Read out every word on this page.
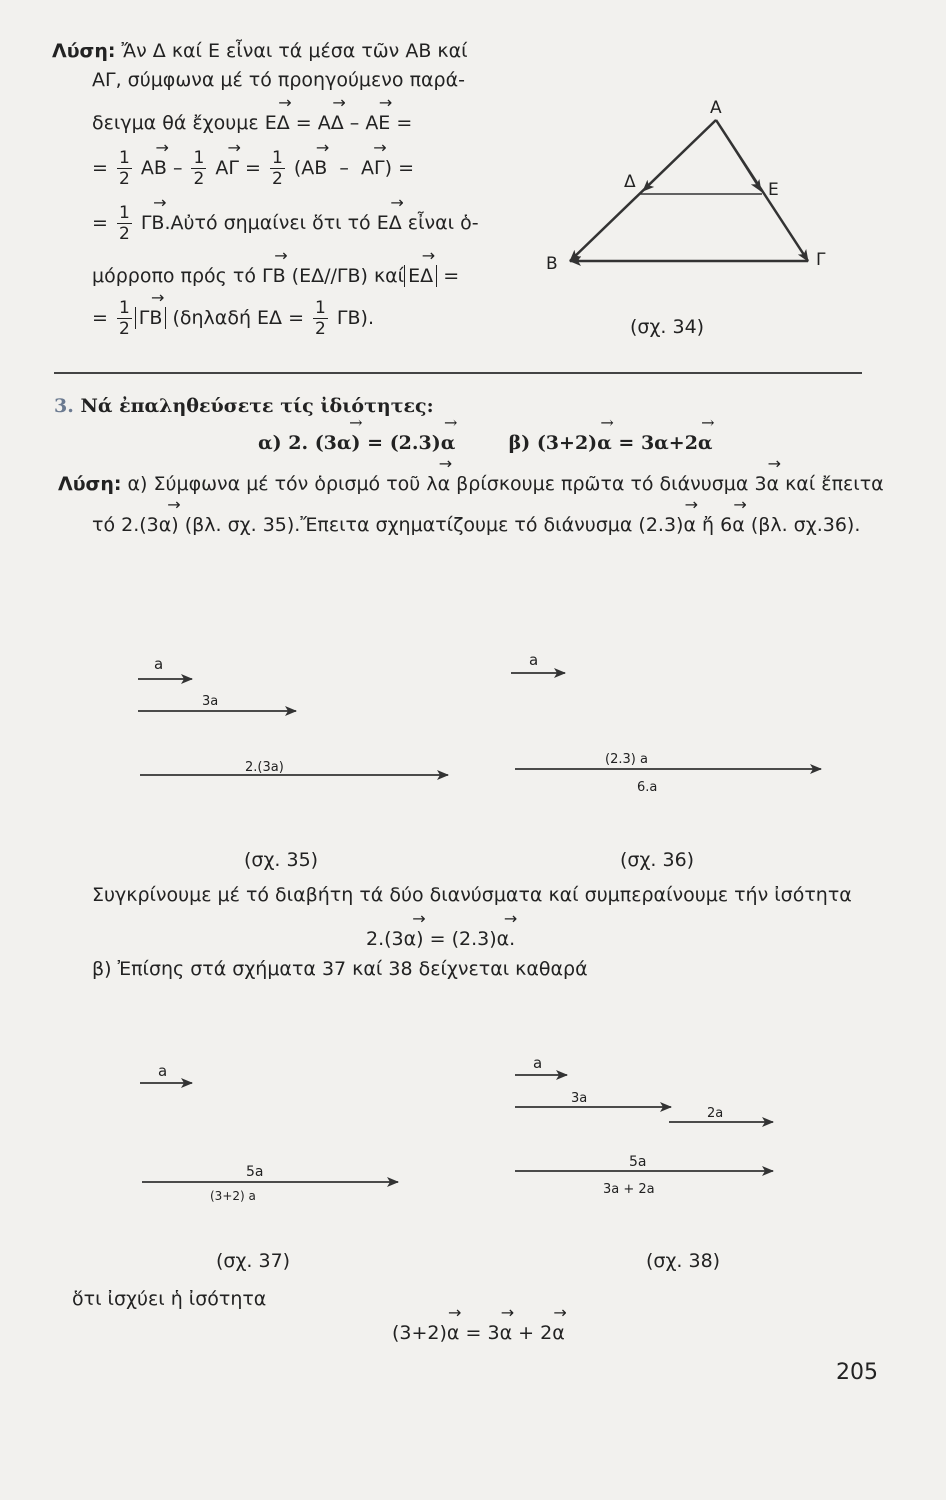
Λύση: Ἄν Δ καί Ε εἶναι τά μέσα τῶν ΑΒ καί
ΑΓ, σύμφωνα μέ τό προηγούμενο παρά-
δειγμα θά ἔχουμε → ΕΔ = → ΑΔ – → ΑΕ =
= $\frac{1}{2}$
→ ΑΒ – $\frac{1}{2}$
→ $A\Gamma = \frac{1}{2}$ (→ ΑΒ –  → ΑΓ) =
= $\frac{1}{2}$
→ ΓΒ.Αὐτό σημαίνει ὅτι τό → ΕΔ εἶναι ὁ-
μόρροπο πρός τό → ΓΒ (ΕΔ//ΓΒ) καί→ ΕΔ =
= $\frac{1}{2}$
→ ΓΒ (δηλαδή $E\Delta = \frac{1}{2} \Gamma B$).
Α
Β	Γ
Δ	Ε
(σχ. 34)
3. Νά ἐπαληθεύσετε τίς ἰδιότητες:
α) 2. → (3α) = → (2.3)α  →	β) (3+2)α = → 3α+2α
Λύση: α) Σύμφωνα μέ τόν ὁρισμό τοῦ → λα βρίσκουμε πρῶτα τό διάνυσμα → 3α καί ἔπειτα
τό 2.→ (3α) (βλ. σχ. 35).Ἔπειτα σχηματίζουμε τό διάνυσμα → (2.3)α ἤ → 6α (βλ. σχ.36).
a
3a
2.(3a)
(σχ. 35)
a
(2.3) a
6.a
(σχ. 36)
Συγκρίνουμε μέ τό διαβήτη τά δύο διανύσματα καί συμπεραίνουμε τήν ἰσότητα
2.→ (3α) = (2.3)→ α.
β) Ἐπίσης στά σχήματα 37 καί 38 δείχνεται καθαρά
a
5a
(3+2) a
(σχ. 37)
a
3a
2a
5a
3a + 2a
(σχ. 38)
ὅτι ἰσχύει ἡ ἰσότητα
(3+2)→ α = 3→ α + 2→ α
205
